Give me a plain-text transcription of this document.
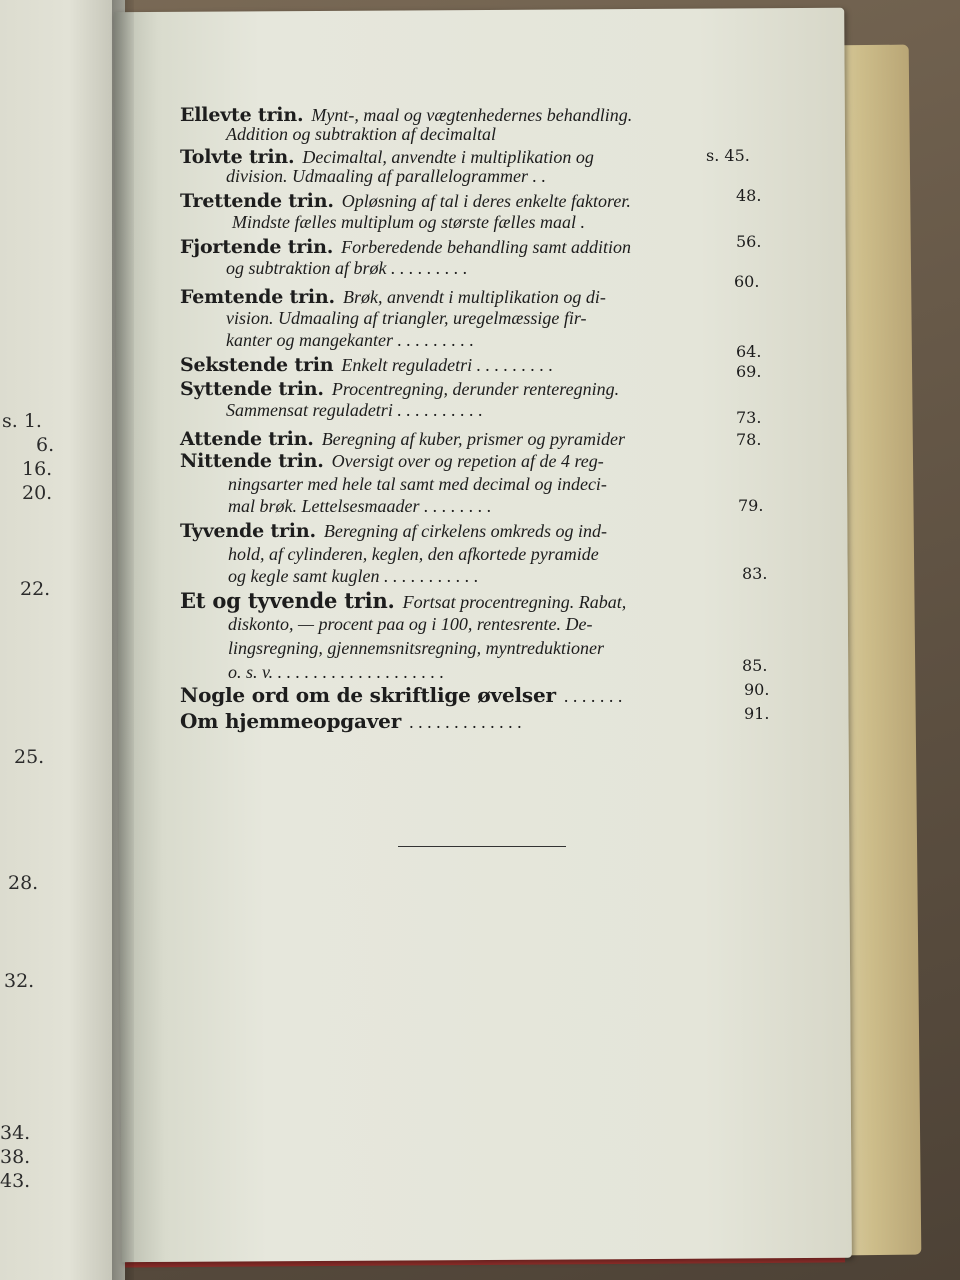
s. 1.
6.
16.
20.
22.
25.
28.
32.
34.
38.
43.
Ellevte trin. Mynt-, maal og vægtenhedernes behandling.
Addition og subtraktion af decimaltal
Tolvte trin. Decimaltal, anvendte i multiplikation og
division. Udmaaling af parallelogrammer . .
s. 45.
Trettende trin. Opløsning af tal i deres enkelte faktorer.
Mindste fælles multiplum og største fælles maal .
48.
Fjortende trin. Forberedende behandling samt addition
og subtraktion af brøk . . . . . . . . .
56.
Femtende trin. Brøk, anvendt i multiplikation og di-
vision. Udmaaling af triangler, uregelmæssige fir-
kanter og mangekanter . . . . . . . . .
60.
Sekstende trin Enkelt reguladetri . . . . . . . . .
64.
Syttende trin. Procentregning, derunder renteregning.
Sammensat reguladetri . . . . . . . . . .
69.
Attende trin. Beregning af kuber, prismer og pyramider
73.
Nittende trin. Oversigt over og repetion af de 4 reg-
ningsarter med hele tal samt med decimal og indeci-
mal brøk. Lettelsesmaader . . . . . . . .
78.
Tyvende trin. Beregning af cirkelens omkreds og ind-
hold, af cylinderen, keglen, den afkortede pyramide
og kegle samt kuglen . . . . . . . . . . .
79.
Et og tyvende trin. Fortsat procentregning. Rabat,
diskonto, — procent paa og i 100, rentesrente. De-
lingsregning, gjennemsnitsregning, myntreduktioner
o. s. v. . . . . . . . . . . . . . . . . . . .
83.
Nogle ord om de skriftlige øvelser . . . . . . .
85.
Om hjemmeopgaver . . . . . . . . . . . . .
90.
91.
